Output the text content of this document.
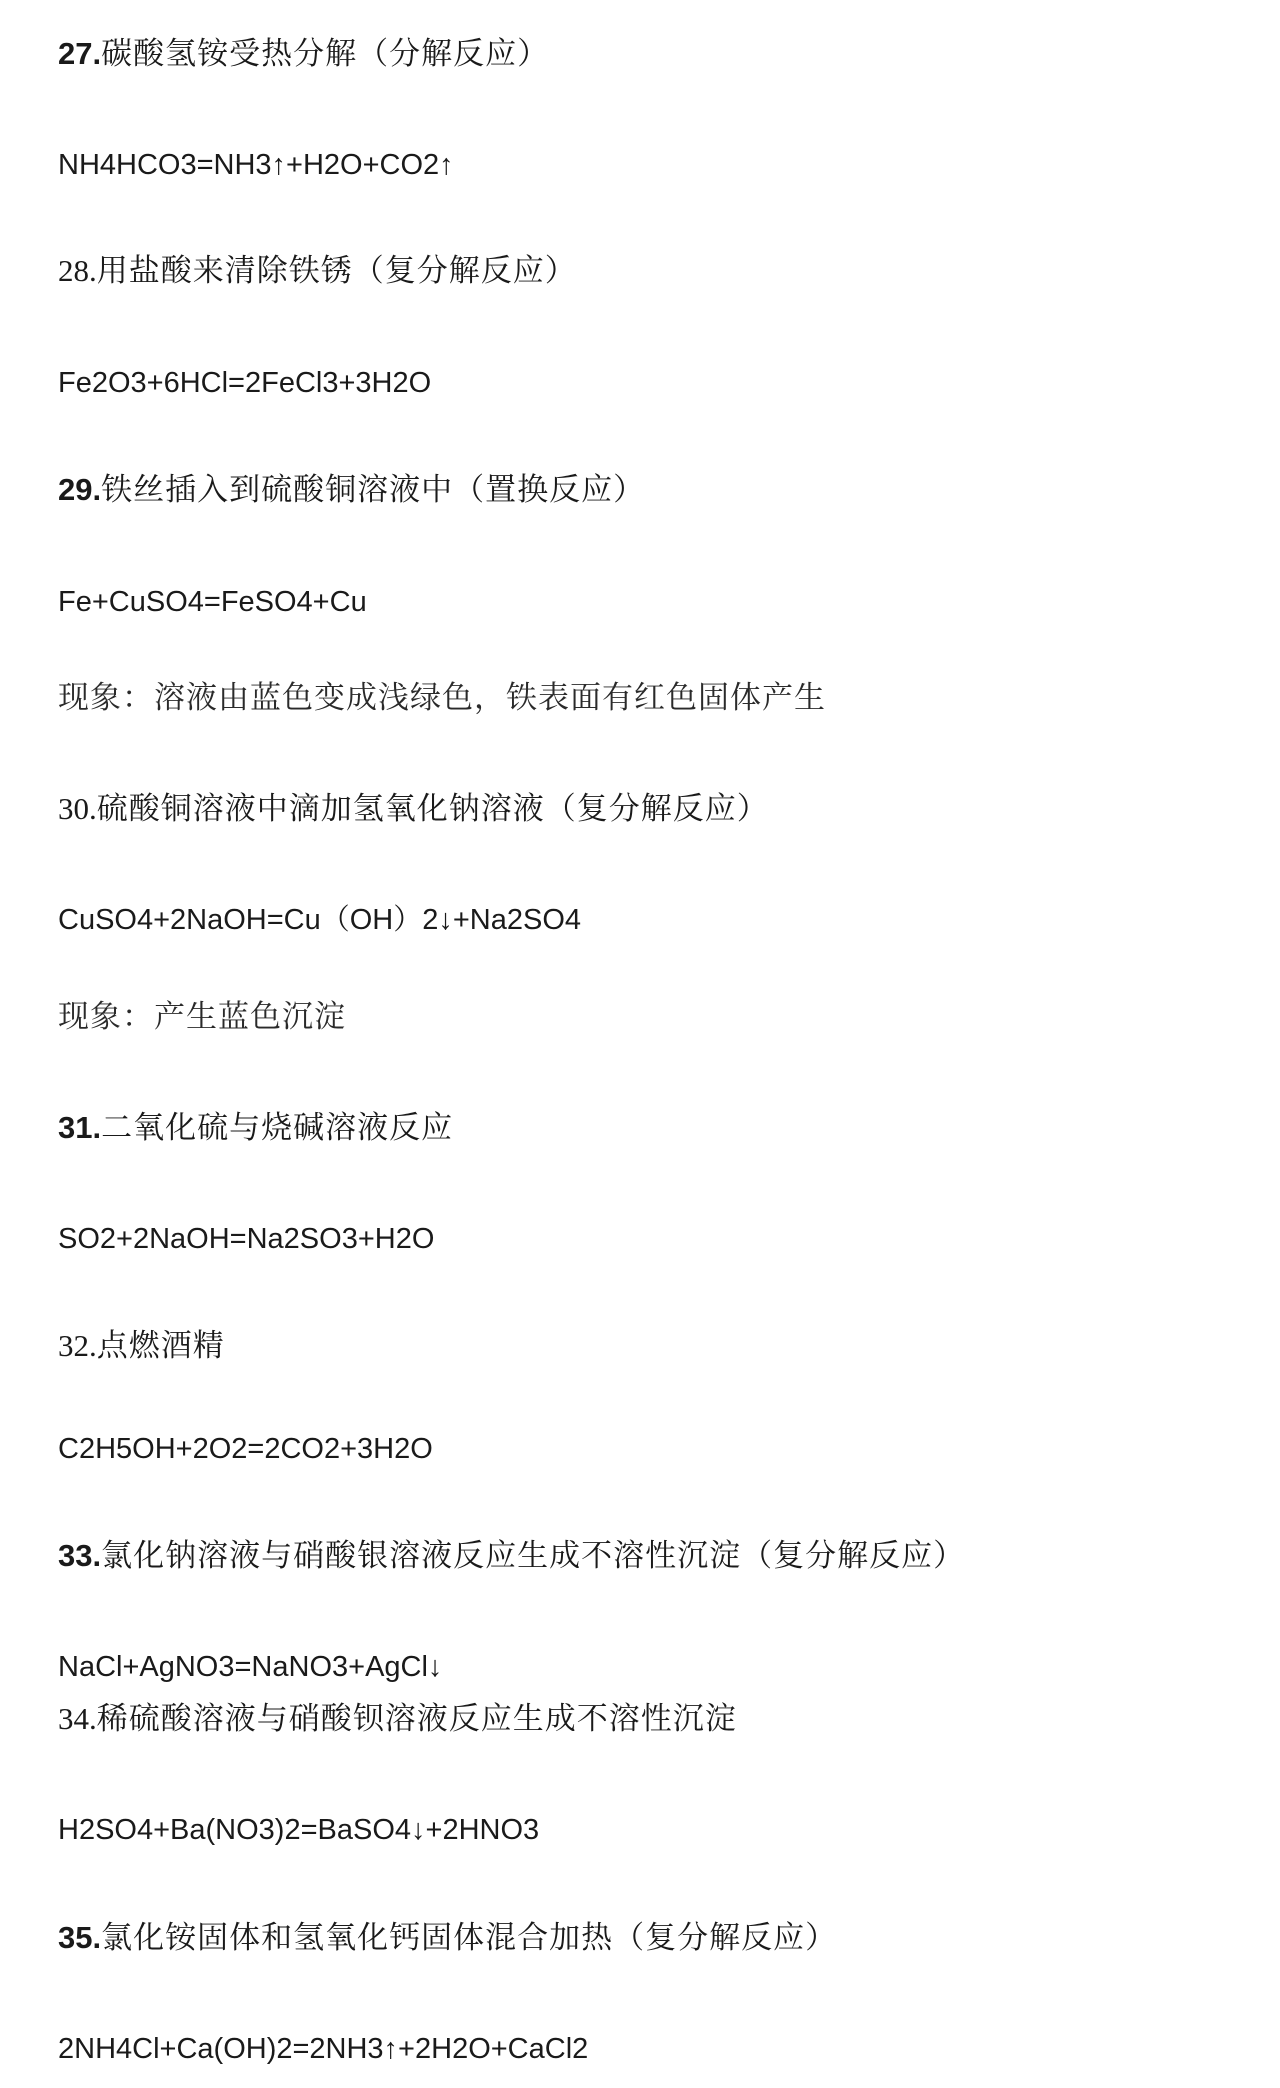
27.碳酸氢铵受热分解（分解反应）
NH4HCO3=NH3↑+H2O+CO2↑
28.用盐酸来清除铁锈（复分解反应）
Fe2O3+6HCl=2FeCl3+3H2O
29.铁丝插入到硫酸铜溶液中（置换反应）
Fe+CuSO4=FeSO4+Cu
现象：溶液由蓝色变成浅绿色，铁表面有红色固体产生
30.硫酸铜溶液中滴加氢氧化钠溶液（复分解反应）
CuSO4+2NaOH=Cu（OH）2↓+Na2SO4
现象：产生蓝色沉淀
31.二氧化硫与烧碱溶液反应
SO2+2NaOH=Na2SO3+H2O
32.点燃酒精
C2H5OH+2O2=2CO2+3H2O
33.氯化钠溶液与硝酸银溶液反应生成不溶性沉淀（复分解反应）
NaCl+AgNO3=NaNO3+AgCl↓
34.稀硫酸溶液与硝酸钡溶液反应生成不溶性沉淀
H2SO4+Ba(NO3)2=BaSO4↓+2HNO3
35.氯化铵固体和氢氧化钙固体混合加热（复分解反应）
2NH4Cl+Ca(OH)2=2NH3↑+2H2O+CaCl2
